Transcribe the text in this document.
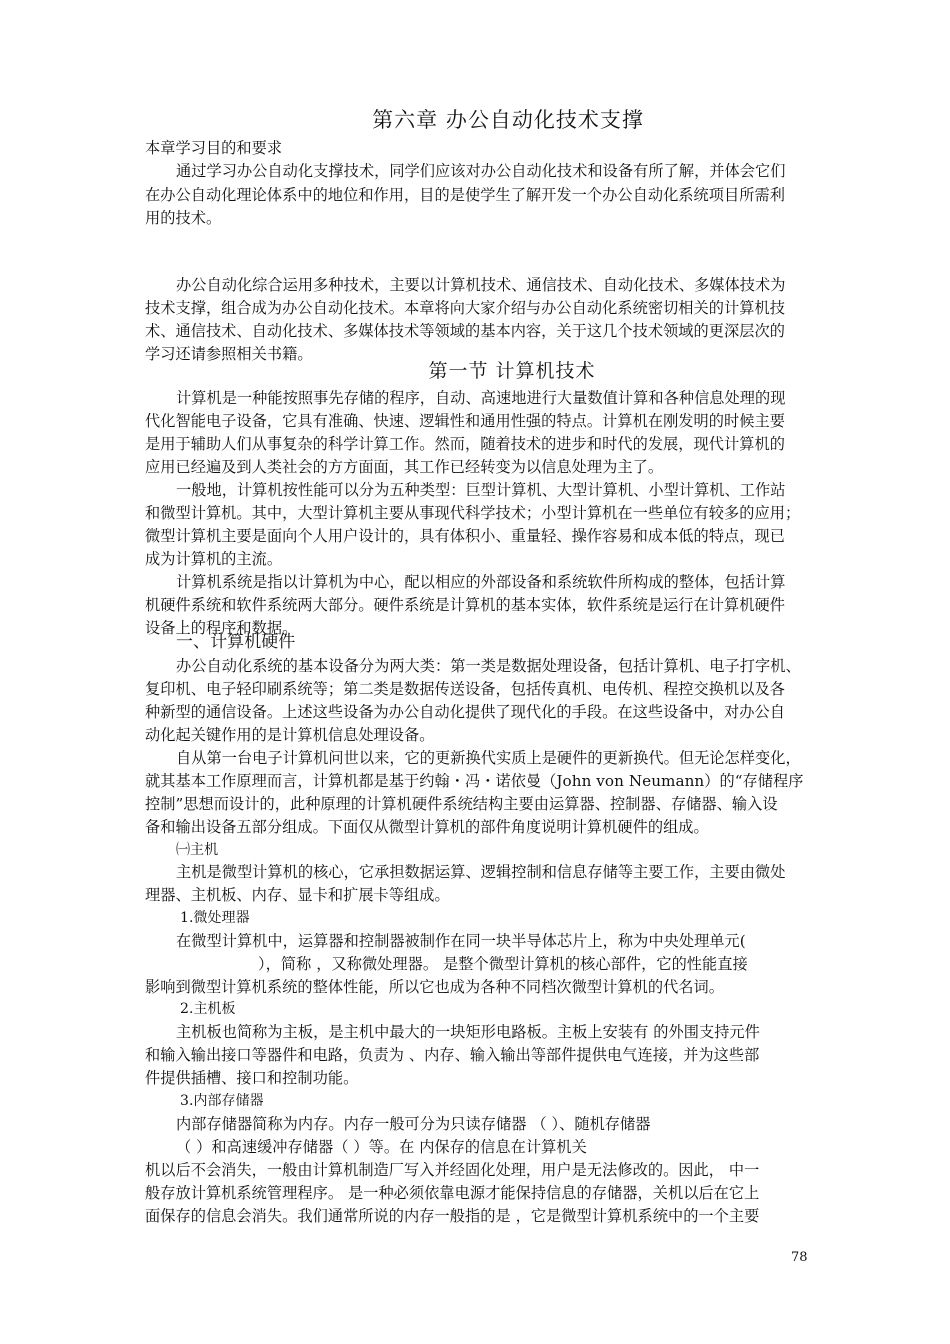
第六章 办公自动化技术支撑
本章学习目的和要求
通过学习办公自动化支撑技术，同学们应该对办公自动化技术和设备有所了解，并体会它们
在办公自动化理论体系中的地位和作用，目的是使学生了解开发一个办公自动化系统项目所需利
用的技术。
办公自动化综合运用多种技术，主要以计算机技术、通信技术、自动化技术、多媒体技术为
技术支撑，组合成为办公自动化技术。本章将向大家介绍与办公自动化系统密切相关的计算机技
术、通信技术、自动化技术、多媒体技术等领域的基本内容，关于这几个技术领域的更深层次的
学习还请参照相关书籍。
第一节 计算机技术
计算机是一种能按照事先存储的程序，自动、高速地进行大量数值计算和各种信息处理的现
代化智能电子设备，它具有准确、快速、逻辑性和通用性强的特点。计算机在刚发明的时候主要
是用于辅助人们从事复杂的科学计算工作。然而，随着技术的进步和时代的发展，现代计算机的
应用已经遍及到人类社会的方方面面，其工作已经转变为以信息处理为主了。
一般地，计算机按性能可以分为五种类型：巨型计算机、大型计算机、小型计算机、工作站
和微型计算机。其中，大型计算机主要从事现代科学技术；小型计算机在一些单位有较多的应用；
微型计算机主要是面向个人用户设计的，具有体积小、重量轻、操作容易和成本低的特点，现已
成为计算机的主流。
计算机系统是指以计算机为中心，配以相应的外部设备和系统软件所构成的整体，包括计算
机硬件系统和软件系统两大部分。硬件系统是计算机的基本实体，软件系统是运行在计算机硬件
设备上的程序和数据。
一、计算机硬件
办公自动化系统的基本设备分为两大类：第一类是数据处理设备，包括计算机、电子打字机、
复印机、电子轻印刷系统等；第二类是数据传送设备，包括传真机、电传机、程控交换机以及各
种新型的通信设备。上述这些设备为办公自动化提供了现代化的手段。在这些设备中，对办公自
动化起关键作用的是计算机信息处理设备。
自从第一台电子计算机问世以来，它的更新换代实质上是硬件的更新换代。但无论怎样变化，
就其基本工作原理而言，计算机都是基于约翰・冯・诺依曼（John von Neumann）的“存储程序
控制”思想而设计的，此种原理的计算机硬件系统结构主要由运算器、控制器、存储器、输入设
备和输出设备五部分组成。下面仅从微型计算机的部件角度说明计算机硬件的组成。
㈠主机
主机是微型计算机的核心，它承担数据运算、逻辑控制和信息存储等主要工作，主要由微处
理器、主机板、内存、显卡和扩展卡等组成。
1.微处理器
在微型计算机中，运算器和控制器被制作在同一块半导体芯片上，称为中央处理单元(
），简称 ，又称微处理器。 是整个微型计算机的核心部件，它的性能直接
影响到微型计算机系统的整体性能，所以它也成为各种不同档次微型计算机的代名词。
2.主机板
主机板也简称为主板，是主机中最大的一块矩形电路板。主板上安装有 的外围支持元件
和输入输出接口等器件和电路，负责为 、内存、输入输出等部件提供电气连接，并为这些部
件提供插槽、接口和控制功能。
3.内部存储器
内部存储器简称为内存。内存一般可分为只读存储器 （ ）、随机存储器
（ ）和高速缓冲存储器（ ）等。在 内保存的信息在计算机关
机以后不会消失，一般由计算机制造厂写入并经固化处理，用户是无法修改的。因此， 中一
般存放计算机系统管理程序。 是一种必须依靠电源才能保持信息的存储器，关机以后在它上
面保存的信息会消失。我们通常所说的内存一般指的是 ，它是微型计算机系统中的一个主要
78
